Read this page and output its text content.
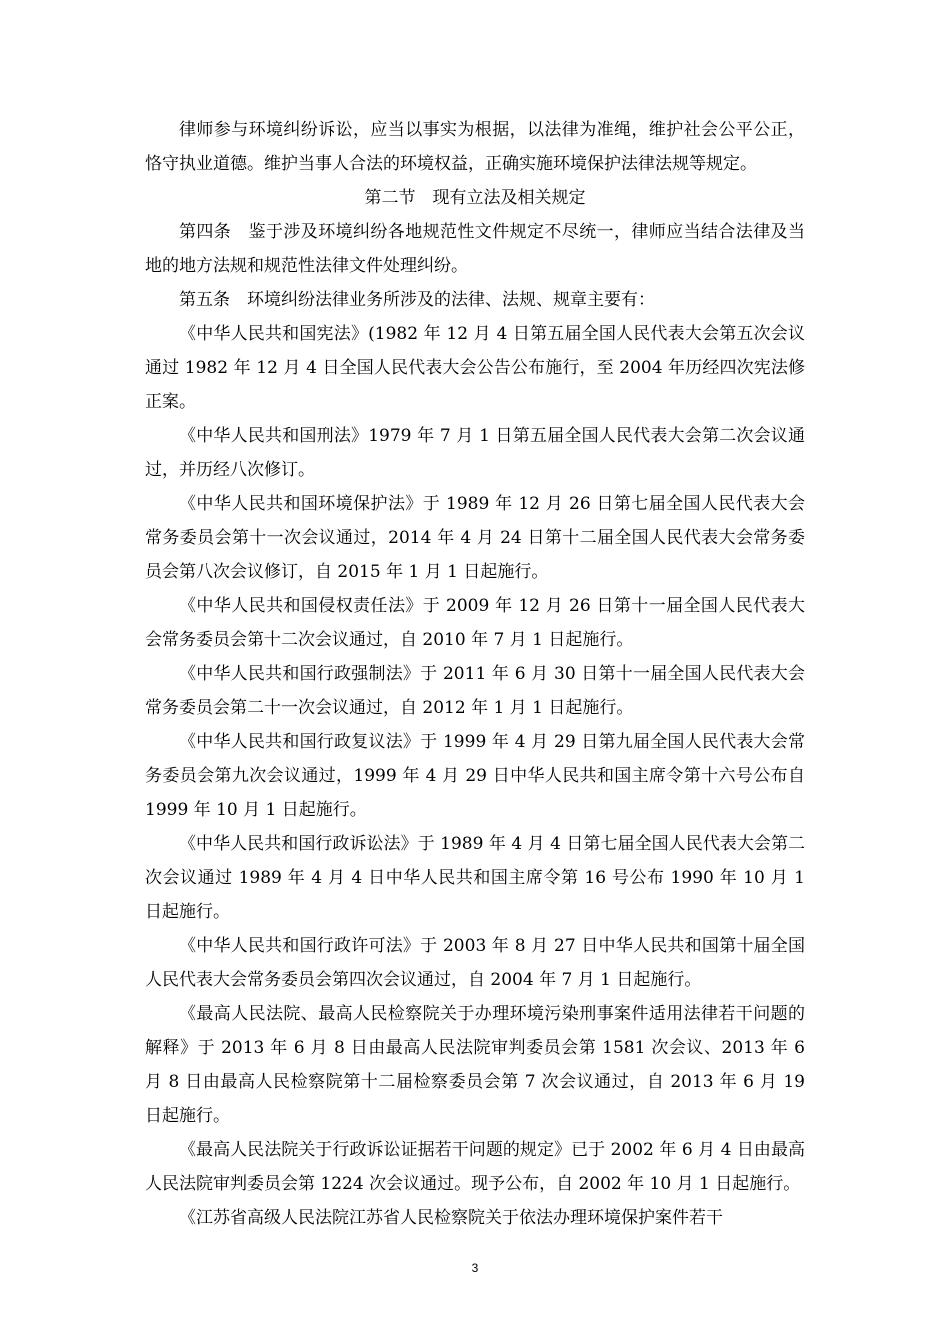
律师参与环境纠纷诉讼，应当以事实为根据，以法律为准绳，维护社会公平公正，恪守执业道德。维护当事人合法的环境权益，正确实施环境保护法律法规等规定。

第二节　现有立法及相关规定

第四条　鉴于涉及环境纠纷各地规范性文件规定不尽统一，律师应当结合法律及当地的地方法规和规范性法律文件处理纠纷。

第五条　环境纠纷法律业务所涉及的法律、法规、规章主要有：

《中华人民共和国宪法》(1982 年 12 月 4 日第五届全国人民代表大会第五次会议通过 1982 年 12 月 4 日全国人民代表大会公告公布施行，至 2004 年历经四次宪法修正案。

《中华人民共和国刑法》1979 年 7 月 1 日第五届全国人民代表大会第二次会议通过，并历经八次修订。

《中华人民共和国环境保护法》于 1989 年 12 月 26 日第七届全国人民代表大会常务委员会第十一次会议通过，2014 年 4 月 24 日第十二届全国人民代表大会常务委员会第八次会议修订，自 2015 年 1 月 1 日起施行。

《中华人民共和国侵权责任法》于 2009 年 12 月 26 日第十一届全国人民代表大会常务委员会第十二次会议通过，自 2010 年 7 月 1 日起施行。

《中华人民共和国行政强制法》于 2011 年 6 月 30 日第十一届全国人民代表大会常务委员会第二十一次会议通过，自 2012 年 1 月 1 日起施行。

《中华人民共和国行政复议法》于 1999 年 4 月 29 日第九届全国人民代表大会常务委员会第九次会议通过，1999 年 4 月 29 日中华人民共和国主席令第十六号公布自 1999 年 10 月 1 日起施行。

《中华人民共和国行政诉讼法》于 1989 年 4 月 4 日第七届全国人民代表大会第二次会议通过 1989 年 4 月 4 日中华人民共和国主席令第 16 号公布 1990 年 10 月 1 日起施行。

《中华人民共和国行政许可法》于 2003 年 8 月 27 日中华人民共和国第十届全国人民代表大会常务委员会第四次会议通过，自 2004 年 7 月 1 日起施行。

《最高人民法院、最高人民检察院关于办理环境污染刑事案件适用法律若干问题的解释》于 2013 年 6 月 8 日由最高人民法院审判委员会第 1581 次会议、2013 年 6 月 8 日由最高人民检察院第十二届检察委员会第 7 次会议通过，自 2013 年 6 月 19 日起施行。

《最高人民法院关于行政诉讼证据若干问题的规定》已于 2002 年 6 月 4 日由最高人民法院审判委员会第 1224 次会议通过。现予公布，自 2002 年 10 月 1 日起施行。

《江苏省高级人民法院江苏省人民检察院关于依法办理环境保护案件若干

3
